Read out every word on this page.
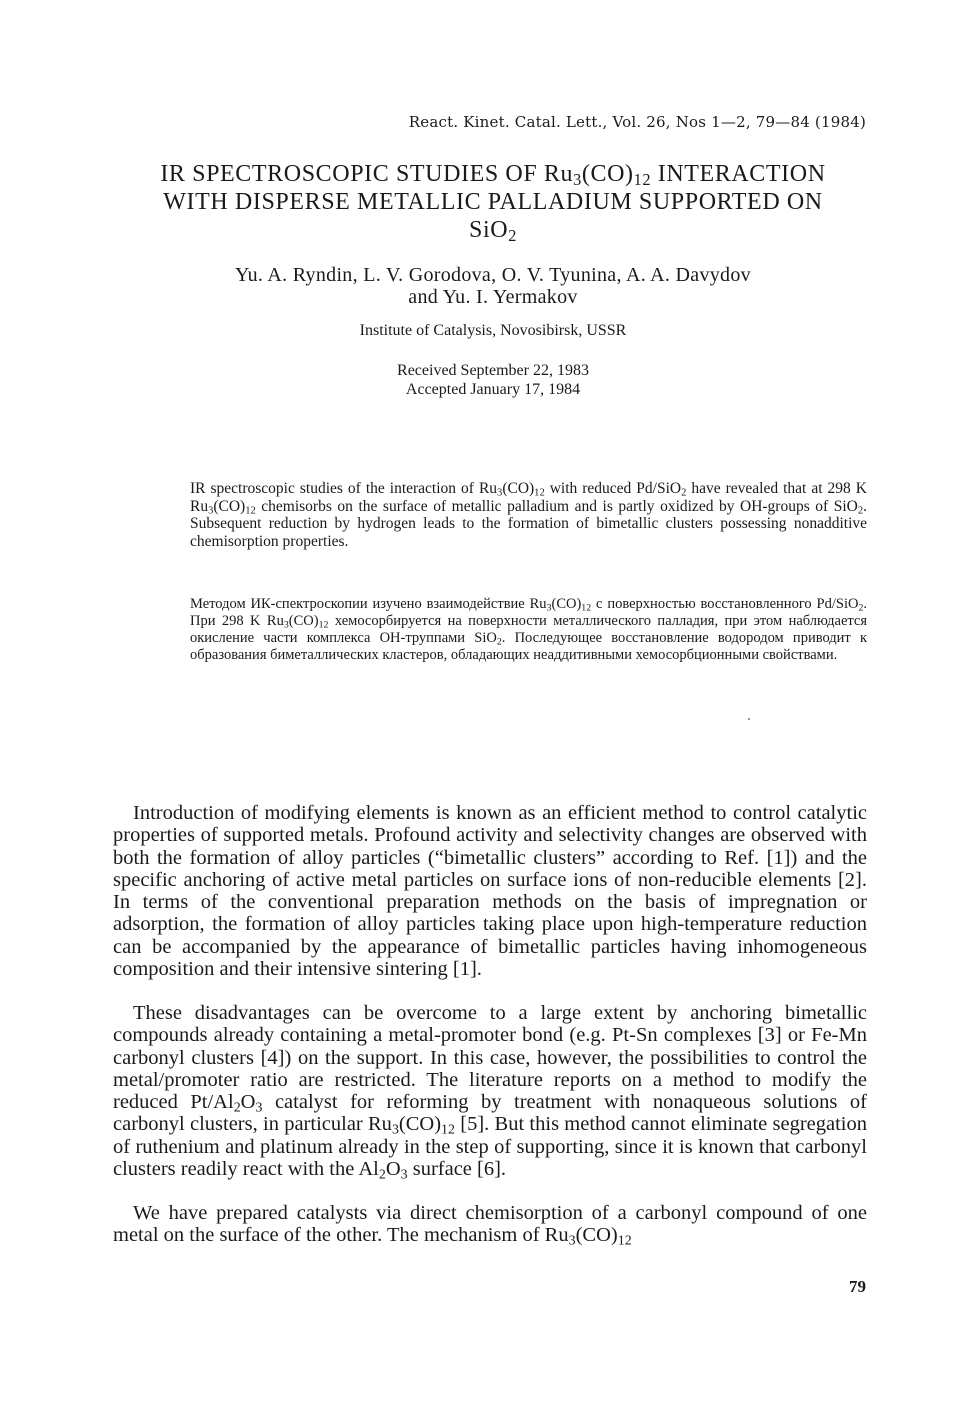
React. Kinet. Catal. Lett., Vol. 26, Nos 1—2, 79—84 (1984)
IR SPECTROSCOPIC STUDIES OF $Ru_3(CO)_{12}$ INTERACTION
WITH DISPERSE METALLIC PALLADIUM SUPPORTED ON
SiO$_2$
Yu. A. Ryndin, L. V. Gorodova, O. V. Tyunina, A. A. Davydov
and Yu. I. Yermakov
Institute of Catalysis, Novosibirsk, USSR
Received September 22, 1983
Accepted January 17, 1984
IR spectroscopic studies of the interaction of $Ru_3(CO)_{12}$ with reduced Pd/SiO$_2$ have revealed that at 298 K $Ru_3(CO)_{12}$ chemisorbs on the surface of metallic palladium and is partly oxidized by OH-groups of SiO$_2$. Subsequent reduction by hydrogen leads to the formation of bimetallic clusters possessing nonadditive chemisorption properties.
Методом ИК-спектроскопии изучено взаимодействие $Ru_3(CO)_{12}$ с поверхностью восстановленного Pd/SiO$_2$. При 298 K $Ru_3(CO)_{12}$ хемосорбируется на поверхности металлического палладия, при этом наблюдается окисление части комплекса OH-труппами SiO$_2$. Последующее восстановление водородом приводит к образования биметаллических кластеров, обладающих неаддитивными хемосорбционными свойствами.
Introduction of modifying elements is known as an efficient method to control catalytic properties of supported metals. Profound activity and selectivity changes are observed with both the formation of alloy particles (“bimetallic clusters” according to Ref. [1]) and the specific anchoring of active metal particles on surface ions of non-reducible elements [2]. In terms of the conventional preparation methods on the basis of impregnation or adsorption, the formation of alloy particles taking place upon high-temperature reduction can be accompanied by the appearance of bimetallic particles having inhomogeneous composition and their intensive sintering [1].
These disadvantages can be overcome to a large extent by anchoring bimetallic compounds already containing a metal-promoter bond (e.g. Pt-Sn complexes [3] or Fe-Mn carbonyl clusters [4]) on the support. In this case, however, the possibilities to control the metal/promoter ratio are restricted. The literature reports on a method to modify the reduced $Pt/Al_2O_3$ catalyst for reforming by treatment with nonaqueous solutions of carbonyl clusters, in particular $Ru_3(CO)_{12}$ [5]. But this method cannot eliminate segregation of ruthenium and platinum already in the step of supporting, since it is known that carbonyl clusters readily react with the $Al_2O_3$ surface [6].
We have prepared catalysts via direct chemisorption of a carbonyl compound of one metal on the surface of the other. The mechanism of $Ru_3(CO)_{12}$
79
